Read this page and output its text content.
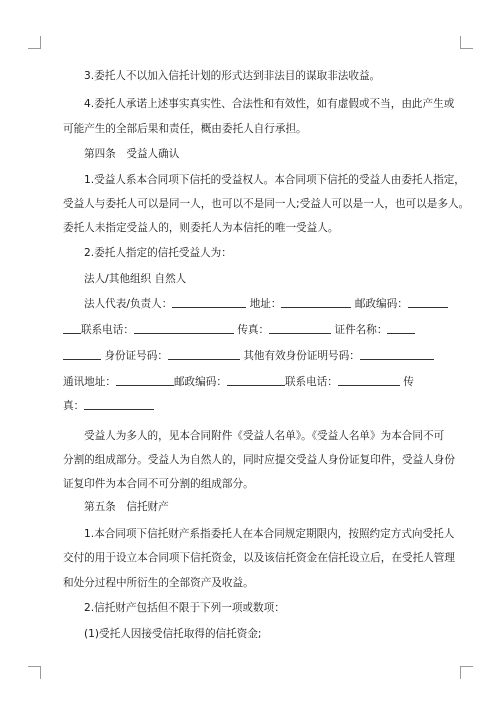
3.委托人不以加入信托计划的形式达到非法目的谋取非法收益。
4.委托人承诺上述事实真实性、合法性和有效性，如有虚假或不当，由此产生或
可能产生的全部后果和责任，概由委托人自行承担。
第四条　受益人确认
1.受益人系本合同项下信托的受益权人。本合同项下信托的受益人由委托人指定，
受益人与委托人可以是同一人，也可以不是同一人;受益人可以是一人，也可以是多人。
委托人未指定受益人的，则委托人为本信托的唯一受益人。
2.委托人指定的信托受益人为：
法人/其他组织 自然人
法人代表/负责人：	地址：	邮政编码：
联系电话：	传真：	证件名称：
身份证号码：	其他有效身份证明号码：
通讯地址：	邮政编码：	联系电话：	传
真：
受益人为多人的，见本合同附件《受益人名单》。《受益人名单》为本合同不可
分割的组成部分。受益人为自然人的，同时应提交受益人身份证复印件，受益人身份
证复印件为本合同不可分割的组成部分。
第五条　信托财产
1.本合同项下信托财产系指委托人在本合同规定期限内，按照约定方式向受托人
交付的用于设立本合同项下信托资金，以及该信托资金在信托设立后，在受托人管理
和处分过程中所衍生的全部资产及收益。
2.信托财产包括但不限于下列一项或数项：
(1)受托人因接受信托取得的信托资金;
